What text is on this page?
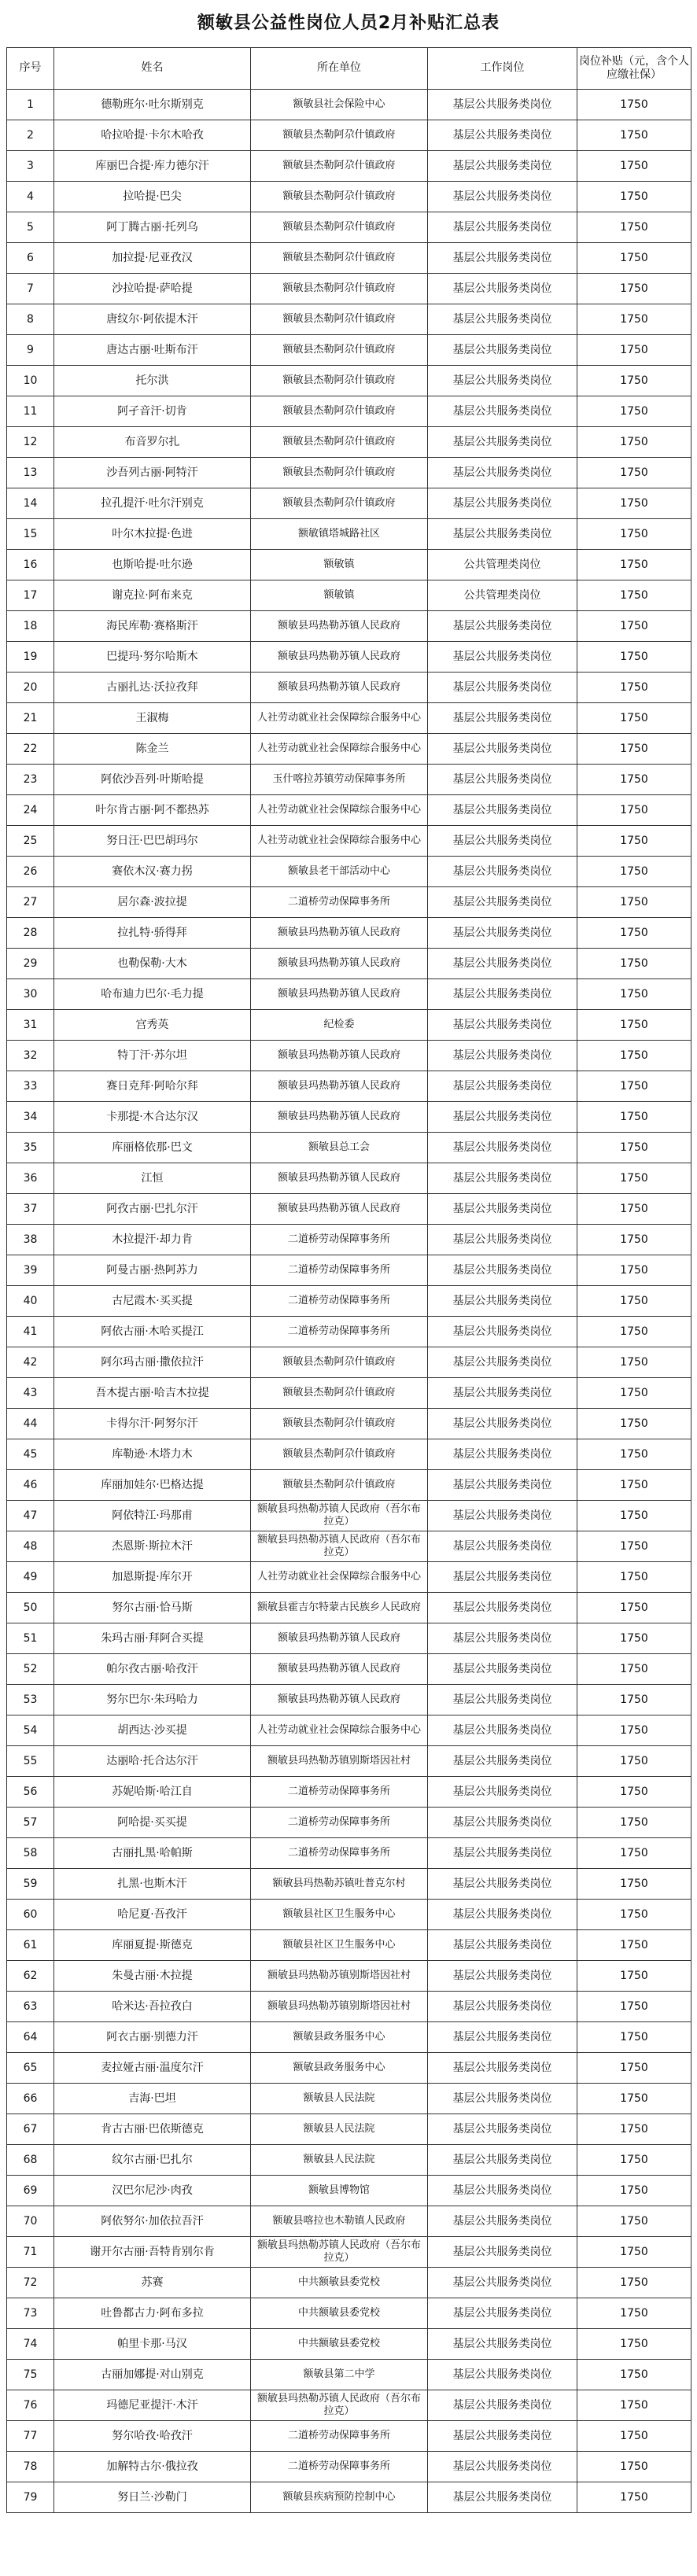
额敏县公益性岗位人员2月补贴汇总表
序号	姓名	所在单位	工作岗位	岗位补贴（元，含个人应缴社保）
1	德勒班尔·吐尔斯别克	额敏县社会保险中心	基层公共服务类岗位	1750
2	哈拉哈提·卡尔木哈孜	额敏县杰勒阿尕什镇政府	基层公共服务类岗位	1750
3	库丽巴合提·库力德尔汗	额敏县杰勒阿尕什镇政府	基层公共服务类岗位	1750
4	拉哈提·巴尖	额敏县杰勒阿尕什镇政府	基层公共服务类岗位	1750
5	阿丁腾古丽·托列乌	额敏县杰勒阿尕什镇政府	基层公共服务类岗位	1750
6	加拉提·尼亚孜汉	额敏县杰勒阿尕什镇政府	基层公共服务类岗位	1750
7	沙拉哈提·萨哈提	额敏县杰勒阿尕什镇政府	基层公共服务类岗位	1750
8	唐纹尔·阿依提木汗	额敏县杰勒阿尕什镇政府	基层公共服务类岗位	1750
9	唐达古丽·吐斯布汗	额敏县杰勒阿尕什镇政府	基层公共服务类岗位	1750
10	托尔洪	额敏县杰勒阿尕什镇政府	基层公共服务类岗位	1750
11	阿孑音汗·切肯	额敏县杰勒阿尕什镇政府	基层公共服务类岗位	1750
12	布音罗尔扎	额敏县杰勒阿尕什镇政府	基层公共服务类岗位	1750
13	沙吾列古丽·阿特汗	额敏县杰勒阿尕什镇政府	基层公共服务类岗位	1750
14	拉孔提汗·吐尔汗别克	额敏县杰勒阿尕什镇政府	基层公共服务类岗位	1750
15	叶尔木拉提·色进	额敏镇塔城路社区	基层公共服务类岗位	1750
16	也斯哈提·吐尔逊	额敏镇	公共管理类岗位	1750
17	谢克拉·阿布来克	额敏镇	公共管理类岗位	1750
18	海民库勒·赛格斯汗	额敏县玛热勒苏镇人民政府	基层公共服务类岗位	1750
19	巴提玛·努尔哈斯木	额敏县玛热勒苏镇人民政府	基层公共服务类岗位	1750
20	古丽扎达·沃拉孜拜	额敏县玛热勒苏镇人民政府	基层公共服务类岗位	1750
21	王淑梅	人社劳动就业社会保障综合服务中心	基层公共服务类岗位	1750
22	陈金兰	人社劳动就业社会保障综合服务中心	基层公共服务类岗位	1750
23	阿依沙吾列·叶斯哈提	玉什喀拉苏镇劳动保障事务所	基层公共服务类岗位	1750
24	叶尔肯古丽·阿不都热苏	人社劳动就业社会保障综合服务中心	基层公共服务类岗位	1750
25	努日汪·巴巴胡玛尔	人社劳动就业社会保障综合服务中心	基层公共服务类岗位	1750
26	赛依木汉·赛力拐	额敏县老干部活动中心	基层公共服务类岗位	1750
27	居尔森·波拉提	二道桥劳动保障事务所	基层公共服务类岗位	1750
28	拉扎特·骄得拜	额敏县玛热勒苏镇人民政府	基层公共服务类岗位	1750
29	也勒保勒·大木	额敏县玛热勒苏镇人民政府	基层公共服务类岗位	1750
30	哈布迪力巴尔·毛力提	额敏县玛热勒苏镇人民政府	基层公共服务类岗位	1750
31	宫秀英	纪检委	基层公共服务类岗位	1750
32	特丁汗·苏尔坦	额敏县玛热勒苏镇人民政府	基层公共服务类岗位	1750
33	赛日克拜·阿哈尔拜	额敏县玛热勒苏镇人民政府	基层公共服务类岗位	1750
34	卡那提·木合达尔汉	额敏县玛热勒苏镇人民政府	基层公共服务类岗位	1750
35	库丽格依那·巴文	额敏县总工会	基层公共服务类岗位	1750
36	江恒	额敏县玛热勒苏镇人民政府	基层公共服务类岗位	1750
37	阿孜古丽·巴扎尔汗	额敏县玛热勒苏镇人民政府	基层公共服务类岗位	1750
38	木拉提汗·却力肯	二道桥劳动保障事务所	基层公共服务类岗位	1750
39	阿曼古丽·热阿苏力	二道桥劳动保障事务所	基层公共服务类岗位	1750
40	古尼霞木·买买提	二道桥劳动保障事务所	基层公共服务类岗位	1750
41	阿依古丽·木哈买提江	二道桥劳动保障事务所	基层公共服务类岗位	1750
42	阿尔玛古丽·撒依拉汗	额敏县杰勒阿尕什镇政府	基层公共服务类岗位	1750
43	吾木提古丽·哈吉木拉提	额敏县杰勒阿尕什镇政府	基层公共服务类岗位	1750
44	卡得尔汗·阿努尔汗	额敏县杰勒阿尕什镇政府	基层公共服务类岗位	1750
45	库勒逊·木塔力木	额敏县杰勒阿尕什镇政府	基层公共服务类岗位	1750
46	库丽加娃尔·巴格达提	额敏县杰勒阿尕什镇政府	基层公共服务类岗位	1750
47	阿依特江·玛那甫	额敏县玛热勒苏镇人民政府（吾尔布拉克）	基层公共服务类岗位	1750
48	杰恩斯·斯拉木汗	额敏县玛热勒苏镇人民政府（吾尔布拉克）	基层公共服务类岗位	1750
49	加恩斯提·库尔开	人社劳动就业社会保障综合服务中心	基层公共服务类岗位	1750
50	努尔古丽·恰马斯	额敏县霍吉尔特蒙古民族乡人民政府	基层公共服务类岗位	1750
51	朱玛古丽·拜阿合买提	额敏县玛热勒苏镇人民政府	基层公共服务类岗位	1750
52	帕尔孜古丽·哈孜汗	额敏县玛热勒苏镇人民政府	基层公共服务类岗位	1750
53	努尔巴尔·朱玛哈力	额敏县玛热勒苏镇人民政府	基层公共服务类岗位	1750
54	胡西达·沙买提	人社劳动就业社会保障综合服务中心	基层公共服务类岗位	1750
55	达丽哈·托合达尔汗	额敏县玛热勒苏镇别斯塔因社村	基层公共服务类岗位	1750
56	苏妮哈斯·哈江自	二道桥劳动保障事务所	基层公共服务类岗位	1750
57	阿哈提·买买提	二道桥劳动保障事务所	基层公共服务类岗位	1750
58	古丽扎黑·哈帕斯	二道桥劳动保障事务所	基层公共服务类岗位	1750
59	扎黑·也斯木汗	额敏县玛热勒苏镇吐普克尔村	基层公共服务类岗位	1750
60	哈尼夏·吾孜汗	额敏县社区卫生服务中心	基层公共服务类岗位	1750
61	库丽夏提·斯德克	额敏县社区卫生服务中心	基层公共服务类岗位	1750
62	朱曼古丽·木拉提	额敏县玛热勒苏镇别斯塔因社村	基层公共服务类岗位	1750
63	哈米达·吾拉孜白	额敏县玛热勒苏镇别斯塔因社村	基层公共服务类岗位	1750
64	阿衣古丽·别德力汗	额敏县政务服务中心	基层公共服务类岗位	1750
65	麦拉娅古丽·温度尔汗	额敏县政务服务中心	基层公共服务类岗位	1750
66	吉海·巴坦	额敏县人民法院	基层公共服务类岗位	1750
67	肯古古丽·巴依斯德克	额敏县人民法院	基层公共服务类岗位	1750
68	纹尔古丽·巴扎尔	额敏县人民法院	基层公共服务类岗位	1750
69	汉巴尔尼沙·肉孜	额敏县博物馆	基层公共服务类岗位	1750
70	阿依努尔·加依拉吾汗	额敏县喀拉也木勒镇人民政府	基层公共服务类岗位	1750
71	谢开尔古丽·吾特肯别尔肯	额敏县玛热勒苏镇人民政府（吾尔布拉克）	基层公共服务类岗位	1750
72	苏赛	中共额敏县委党校	基层公共服务类岗位	1750
73	吐鲁都古力·阿布多拉	中共额敏县委党校	基层公共服务类岗位	1750
74	帕里卡那·马汉	中共额敏县委党校	基层公共服务类岗位	1750
75	古丽加娜提·对山别克	额敏县第二中学	基层公共服务类岗位	1750
76	玛德尼亚提汗·木汗	额敏县玛热勒苏镇人民政府（吾尔布拉克）	基层公共服务类岗位	1750
77	努尔哈孜·哈孜汗	二道桥劳动保障事务所	基层公共服务类岗位	1750
78	加解特古尔·俄拉孜	二道桥劳动保障事务所	基层公共服务类岗位	1750
79	努日兰·沙勒门	额敏县疾病预防控制中心	基层公共服务类岗位	1750
